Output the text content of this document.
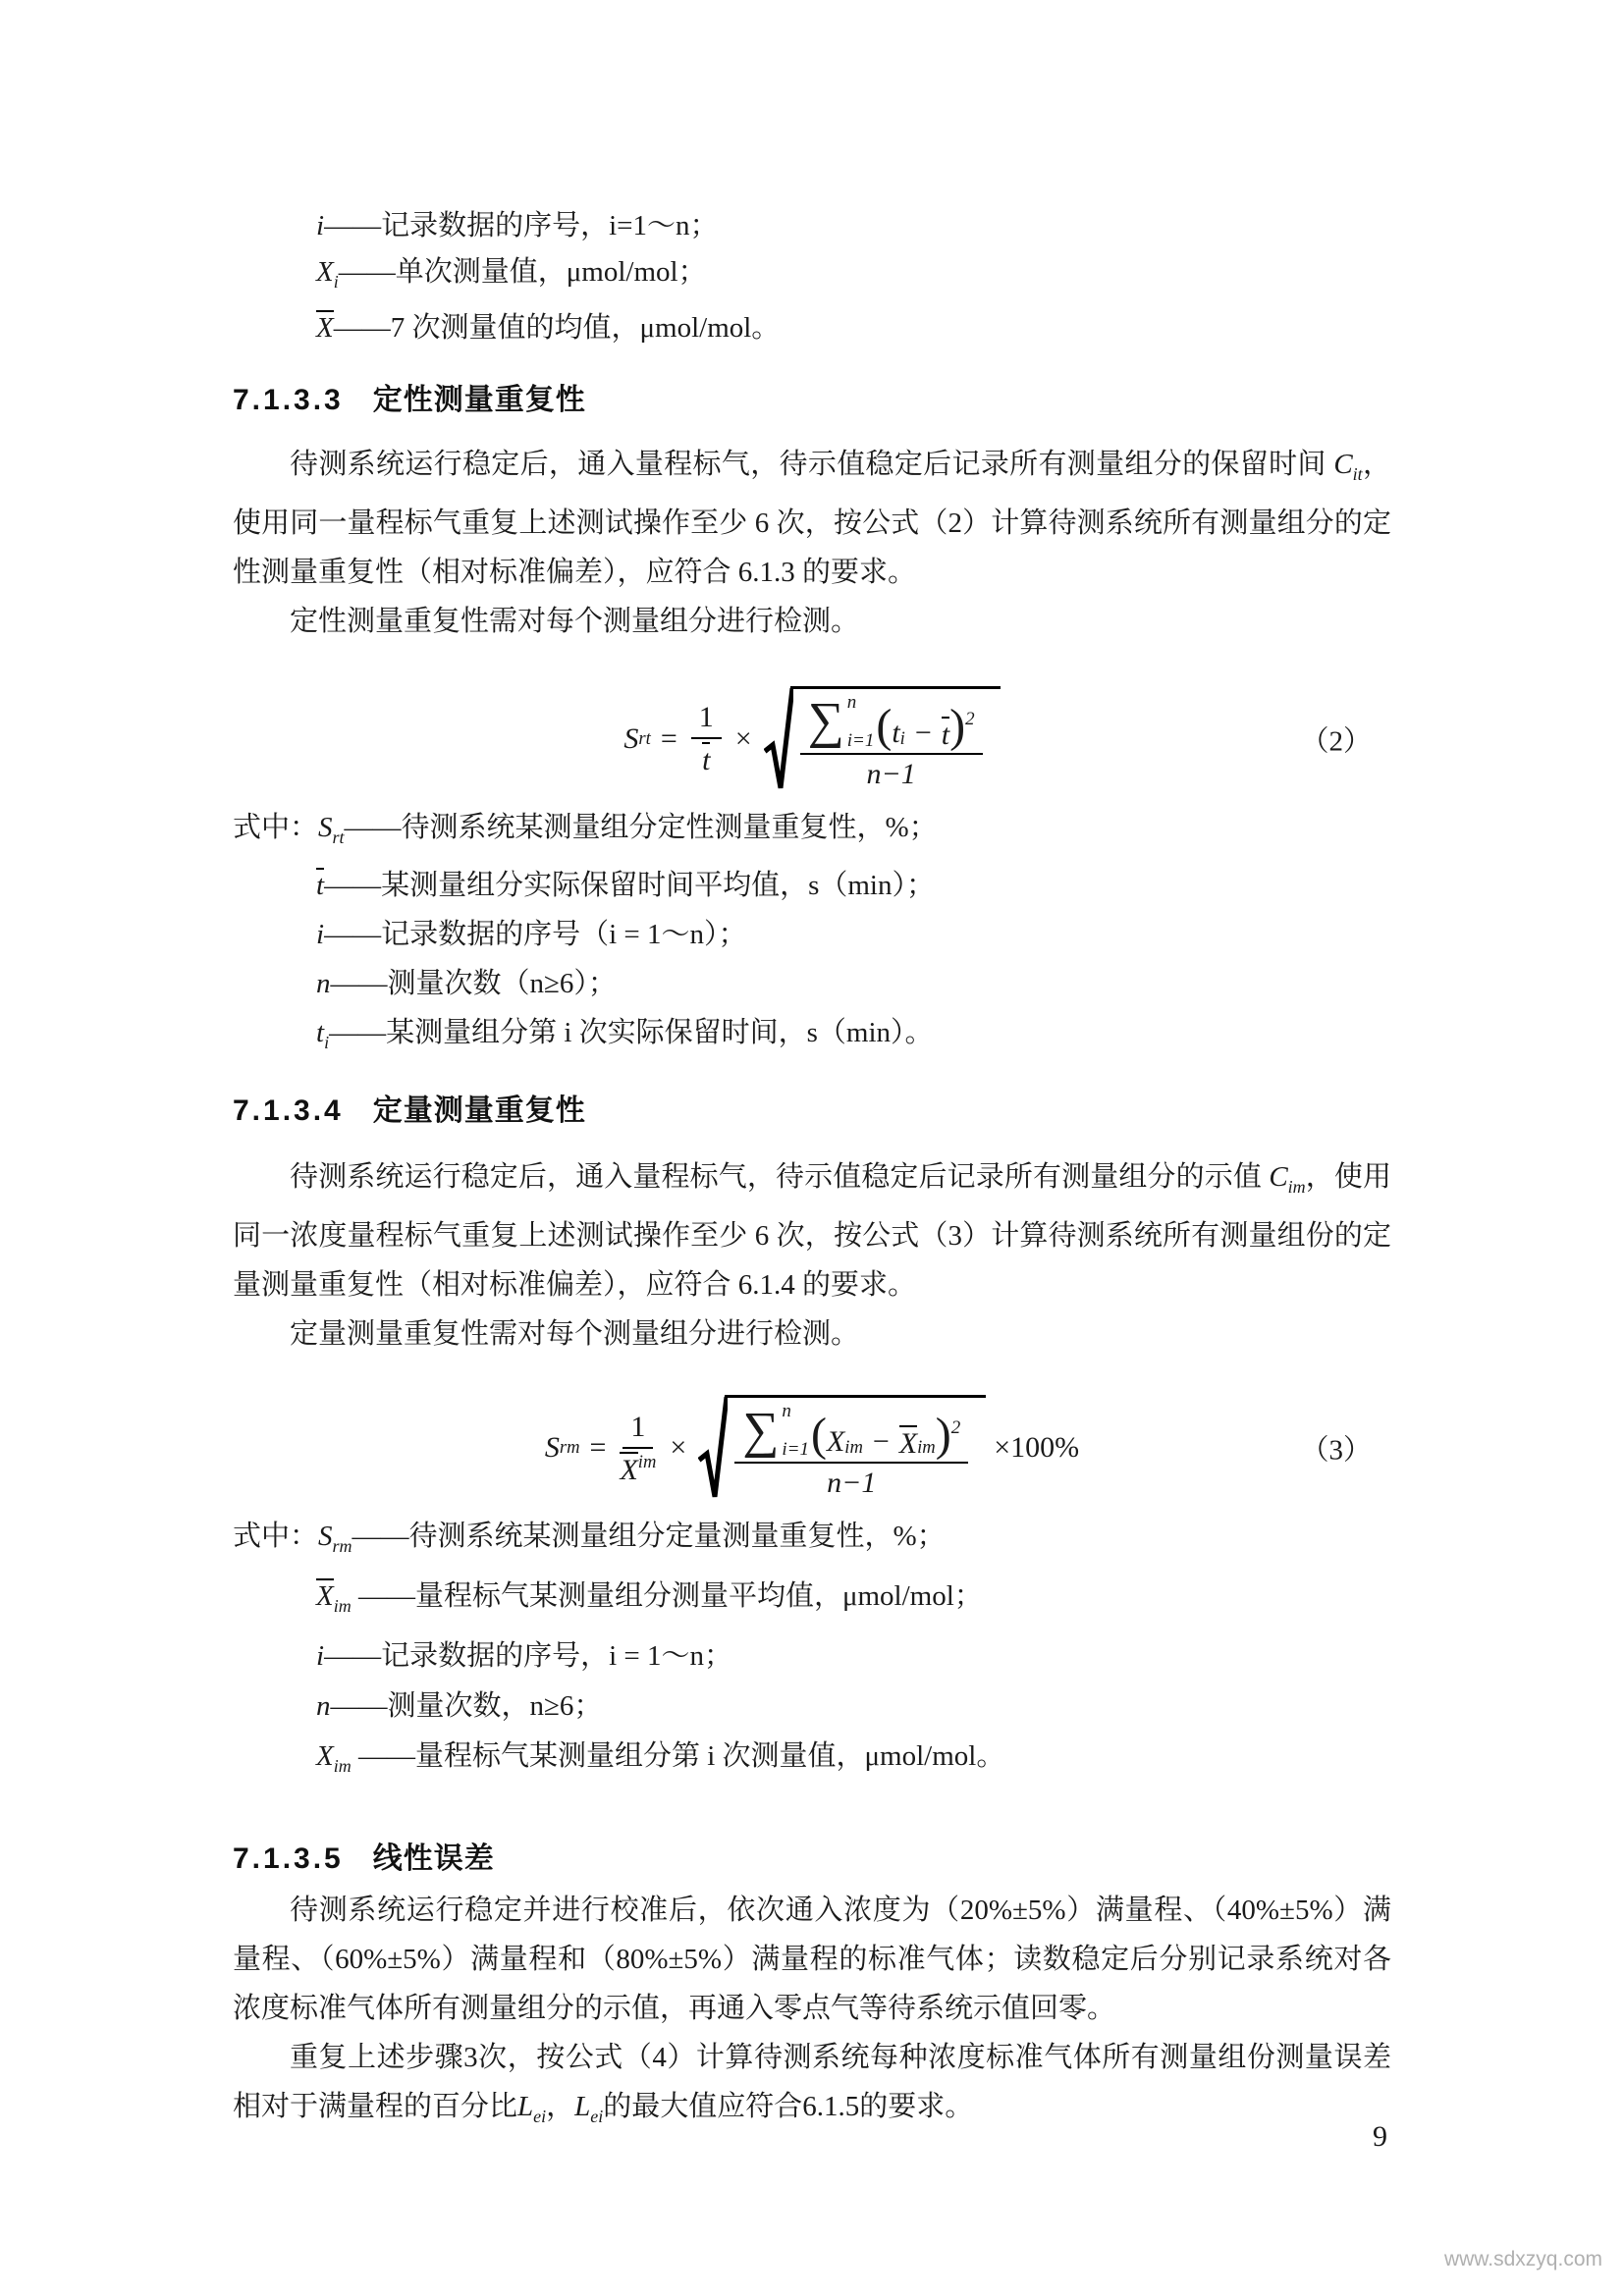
i——记录数据的序号，i=1～n；
$X_i——$单次测量值，μmol/mol；
X——7 次测量值的均值，μmol/mol。
7.1.3.3 定性测量重复性

待测系统运行稳定后，通入量程标气，待示值稳定后记录所有测量组分的保留时间 $C_{it}$，使用同一量程标气重复上述测试操作至少 6 次，按公式（2）计算待测系统所有测量组分的定性测量重复性（相对标准偏差），应符合 6.1.3 的要求。

定性测量重复性需对每个测量组分进行检测。

S rt = $\frac{1}{t}$ × ∑ n
i=1 ( $t_i - t$ )$^2$
n−1
（2）
式中：$S_{rt}——$待测系统某测量组分定性测量重复性，%；
t——某测量组分实际保留时间平均值，s（min）；
i——记录数据的序号（i = 1～n）；
n——测量次数（n≥6）；
$t_i——$某测量组分第 i 次实际保留时间，s（min）。
7.1.3.4 定量测量重复性

待测系统运行稳定后，通入量程标气，待示值稳定后记录所有测量组分的示值 $C_{im}$，使用同一浓度量程标气重复上述测试操作至少 6 次，按公式（3）计算待测系统所有测量组份的定量测量重复性（相对标准偏差），应符合 6.1.4 的要求。

定量测量重复性需对每个测量组分进行检测。

S rm = $\frac{1}{X^{im}}$ × ∑ n
i=1 ( $X_{im} - X_{im}$ )$^2$
n−1
×100%	（3）
式中：$S_{rm}——$待测系统某测量组分定量测量重复性，%；
$X_{im}$ ——量程标气某测量组分测量平均值，μmol/mol；
i——记录数据的序号，i = 1～n；
n——测量次数，n≥6；
$X_{im}$ ——量程标气某测量组分第 i 次测量值，μmol/mol。
7.1.3.5 线性误差

待测系统运行稳定并进行校准后，依次通入浓度为（20%±5%）满量程、（40%±5%）满量程、（60%±5%）满量程和（80%±5%）满量程的标准气体；读数稳定后分别记录系统对各浓度标准气体所有测量组分的示值，再通入零点气等待系统示值回零。

重复上述步骤3次，按公式（4）计算待测系统每种浓度标准气体所有测量组份测量误差相对于满量程的百分比$L_{ei}$，$L_{ei}$的最大值应符合6.1.5的要求。

9
www.sdxzyq.com
